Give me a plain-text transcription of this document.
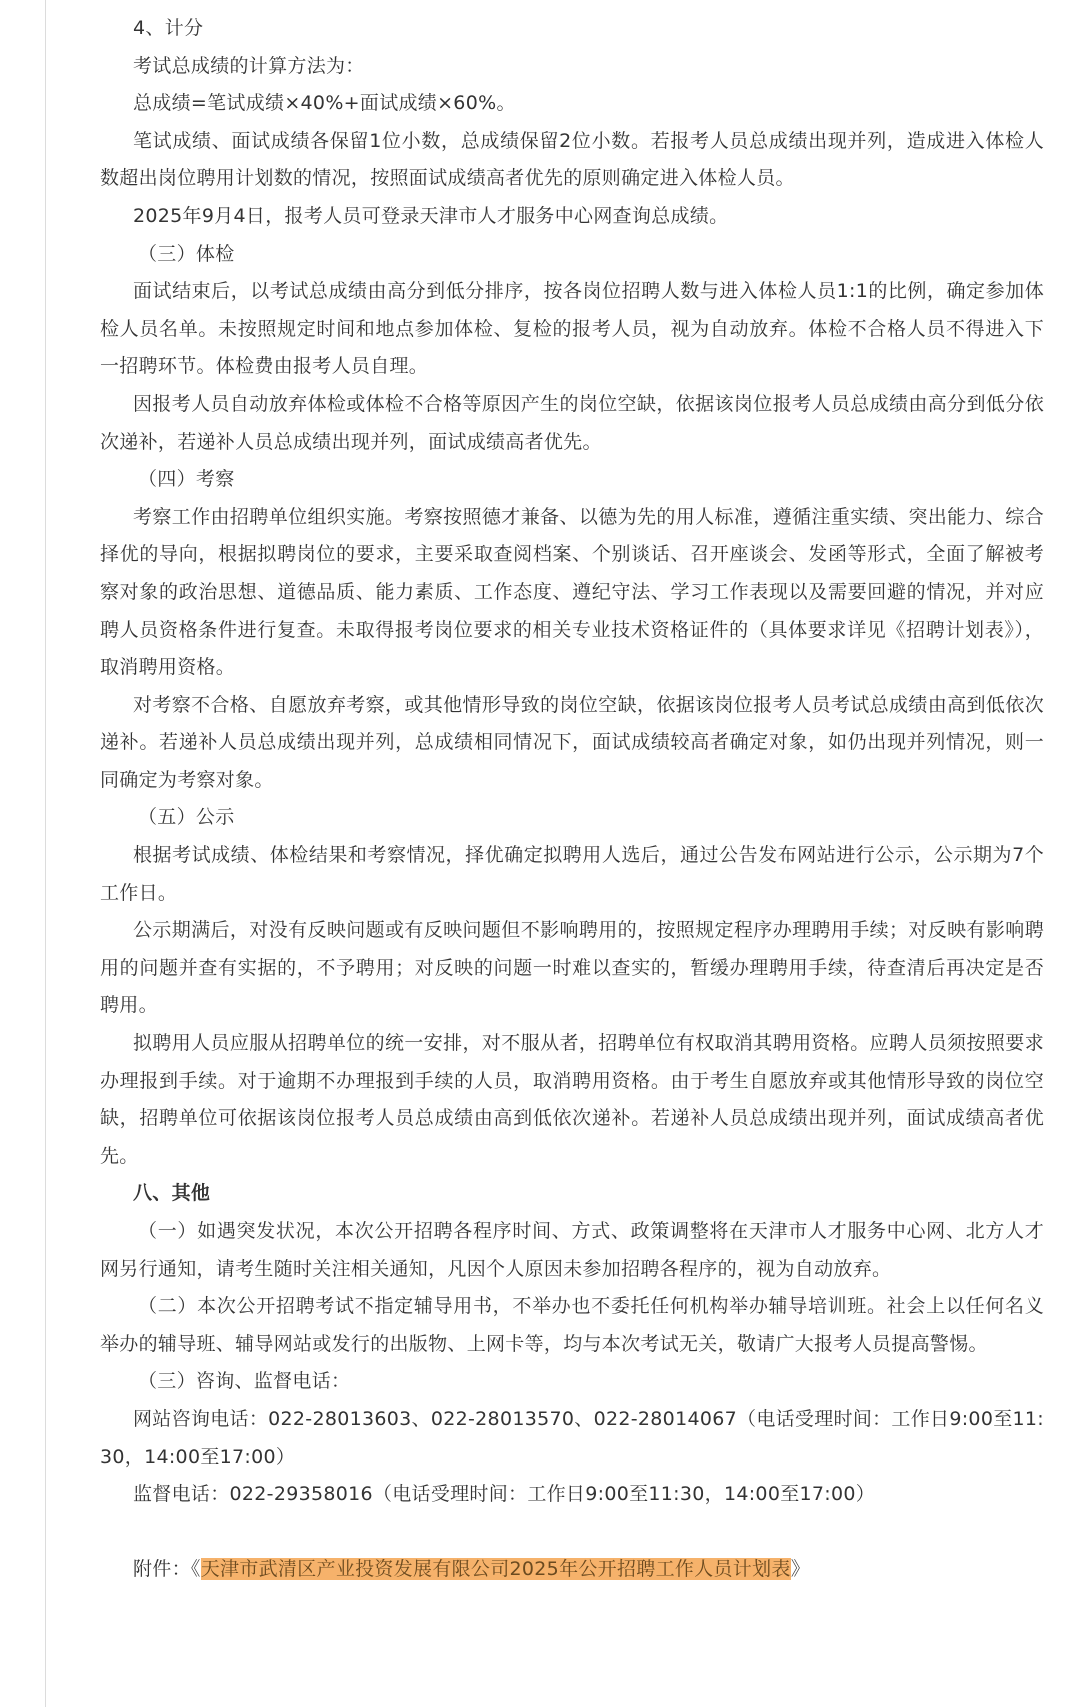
4、计分

考试总成绩的计算方法为：

总成绩=笔试成绩×40%+面试成绩×60%。

笔试成绩、面试成绩各保留1位小数，总成绩保留2位小数。若报考人员总成绩出现并列，造成进入体检人数超出岗位聘用计划数的情况，按照面试成绩高者优先的原则确定进入体检人员。

2025年9月4日，报考人员可登录天津市人才服务中心网查询总成绩。

（三）体检

面试结束后，以考试总成绩由高分到低分排序，按各岗位招聘人数与进入体检人员1:1的比例，确定参加体检人员名单。未按照规定时间和地点参加体检、复检的报考人员，视为自动放弃。体检不合格人员不得进入下一招聘环节。体检费由报考人员自理。

因报考人员自动放弃体检或体检不合格等原因产生的岗位空缺，依据该岗位报考人员总成绩由高分到低分依次递补，若递补人员总成绩出现并列，面试成绩高者优先。

（四）考察

考察工作由招聘单位组织实施。考察按照德才兼备、以德为先的用人标准，遵循注重实绩、突出能力、综合择优的导向，根据拟聘岗位的要求，主要采取查阅档案、个别谈话、召开座谈会、发函等形式，全面了解被考察对象的政治思想、道德品质、能力素质、工作态度、遵纪守法、学习工作表现以及需要回避的情况，并对应聘人员资格条件进行复查。未取得报考岗位要求的相关专业技术资格证件的（具体要求详见《招聘计划表》），取消聘用资格。

对考察不合格、自愿放弃考察，或其他情形导致的岗位空缺，依据该岗位报考人员考试总成绩由高到低依次递补。若递补人员总成绩出现并列，总成绩相同情况下，面试成绩较高者确定对象，如仍出现并列情况，则一同确定为考察对象。

（五）公示

根据考试成绩、体检结果和考察情况，择优确定拟聘用人选后，通过公告发布网站进行公示，公示期为7个工作日。

公示期满后，对没有反映问题或有反映问题但不影响聘用的，按照规定程序办理聘用手续；对反映有影响聘用的问题并查有实据的，不予聘用；对反映的问题一时难以查实的，暂缓办理聘用手续，待查清后再决定是否聘用。

拟聘用人员应服从招聘单位的统一安排，对不服从者，招聘单位有权取消其聘用资格。应聘人员须按照要求办理报到手续。对于逾期不办理报到手续的人员，取消聘用资格。由于考生自愿放弃或其他情形导致的岗位空缺，招聘单位可依据该岗位报考人员总成绩由高到低依次递补。若递补人员总成绩出现并列，面试成绩高者优先。

八、其他

（一）如遇突发状况，本次公开招聘各程序时间、方式、政策调整将在天津市人才服务中心网、北方人才网另行通知，请考生随时关注相关通知，凡因个人原因未参加招聘各程序的，视为自动放弃。

（二）本次公开招聘考试不指定辅导用书，不举办也不委托任何机构举办辅导培训班。社会上以任何名义举办的辅导班、辅导网站或发行的出版物、上网卡等，均与本次考试无关，敬请广大报考人员提高警惕。

（三）咨询、监督电话：

网站咨询电话：022-28013603、022-28013570、022-28014067（电话受理时间：工作日9:00至11:30，14:00至17:00）

监督电话：022-29358016（电话受理时间：工作日9:00至11:30，14:00至17:00）

附件：《天津市武清区产业投资发展有限公司2025年公开招聘工作人员计划表》
